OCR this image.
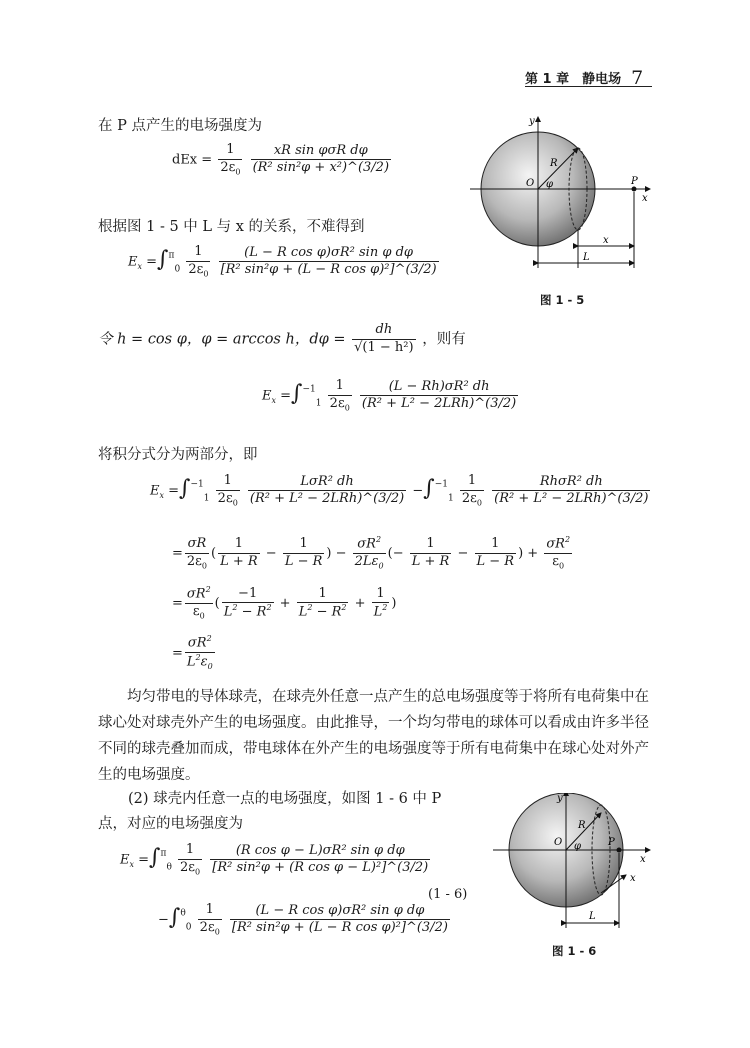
第 1 章　静电场 7
在 P 点产生的电场强度为
dEx = $\frac{1}{2\varepsilon_0}$
$\frac{\text{xR sin φσR dφ}}{\text{(R² sin²φ + x²)\textasciicircum{}(3/2)}}$
根据图 1 - 5 中 L 与 x 的关系，不难得到
$E_x =\int^\pi_0 \frac{1}{2\varepsilon_0}$
$\frac{\text{(L − R cos φ)σR² sin φ dφ}}{\text{[R² sin²φ + (L − R cos φ)²]\textasciicircum{}(3/2)}}$
令 h = cos φ，φ = arccos h，$d\varphi = \frac{dh}{\text{√(1 − h²)}}$ ，则有
$E_x =\int^{-1}_1 \frac{1}{2\varepsilon_0}$
$\frac{\text{(L − Rh)σR² dh}}{\text{(R² + L² − 2LRh)\textasciicircum{}(3/2)}}$
将积分式分为两部分，即
$E_x =\int^{-1}_1 \frac{1}{2\varepsilon_0}$
$\frac{\text{LσR² dh}}{\text{(R² + L² − 2LRh)\textasciicircum{}(3/2)}} -\int^{-1}_1 \frac{1}{2\varepsilon_0}$
$\frac{\text{RhσR² dh}}{\text{(R² + L² − 2LRh)\textasciicircum{}(3/2)}}$
= $\frac{\sigma R}{2\varepsilon_0}$ ( $\frac{1}{L + R} - \frac{1}{L - R}$ ) − $\frac{\sigma R^2}{2L\varepsilon_0}$ (− $\frac{1}{L + R} - \frac{1}{L - R}$ ) + $\frac{\sigma R^2}{\varepsilon_0}$
= $\frac{\sigma R^2}{\varepsilon_0}$ ( $\frac{-1}{L^2 - R^2} + \frac{1}{L^2 - R^2} + \frac{1}{L^2}$ )
= $\frac{\sigma R^2}{L^2\varepsilon_0}$
均匀带电的导体球壳，在球壳外任意一点产生的总电场强度等于将所有电荷集中在球心处对球壳外产生的电场强度。由此推导，一个均匀带电的球体可以看成由许多半径不同的球壳叠加而成，带电球体在外产生的电场强度等于所有电荷集中在球心处对外产生的电场强度。
(2) 球壳内任意一点的电场强度，如图 1 - 6 中 P
点，对应的电场强度为
$E_x =\int^\pi_\theta \frac{1}{2\varepsilon_0}$
$\frac{\text{(R cos φ − L)σR² sin φ dφ}}{\text{[R² sin²φ + (R cos φ − L)²]\textasciicircum{}(3/2)}}$
(1 - 6)
$-\int^\theta_0 \frac{1}{2\varepsilon_0}$
$\frac{\text{(L − R cos φ)σR² sin φ dφ}}{\text{[R² sin²φ + (L − R cos φ)²]\textasciicircum{}(3/2)}}$
y
x
O
R
φ	P
x
L
图 1 - 5
y
x
O
R
φ	P
x
L
图 1 - 6
